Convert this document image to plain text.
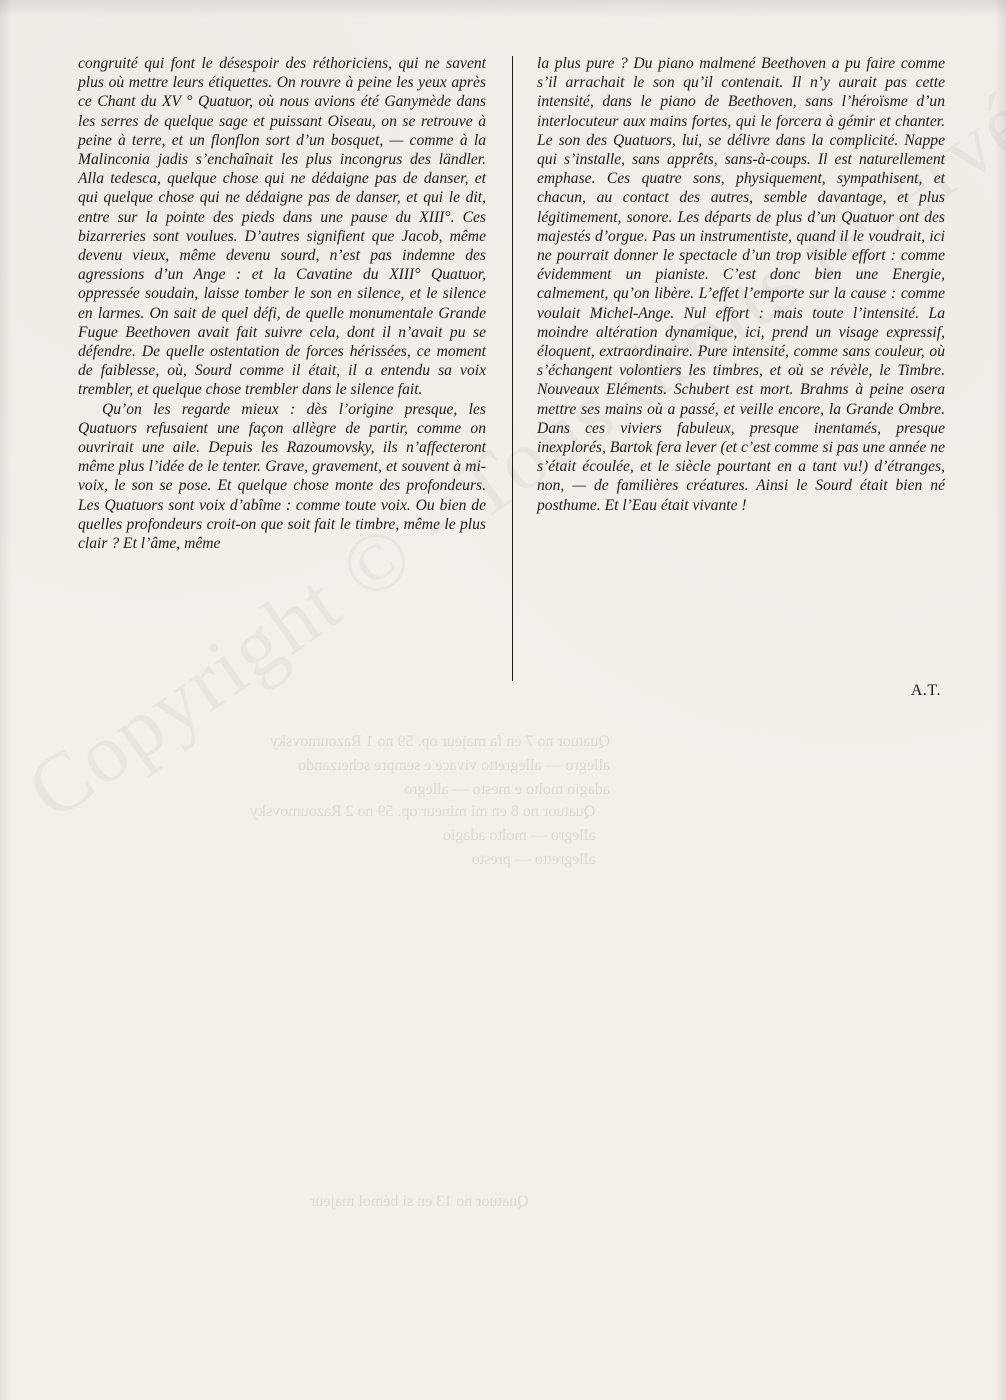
Quatuor no 7 en fa majeur op. 59 no 1 Razoumovsky
allegro — allegretto vivace e sempre scherzando
adagio molto e mesto — allegro
Quatuor no 8 en mi mineur op. 59 no 2 Razoumovsky
allegro — molto adagio
allegretto — presto
Quatuor no 13 en si bémol majeur

congruité qui font le désespoir des réthoriciens, qui ne savent plus où mettre leurs étiquettes. On rouvre à peine les yeux après ce Chant du XV ° Quatuor, où nous avions été Ganymède dans les serres de quelque sage et puissant Oiseau, on se retrouve à peine à terre, et un flonflon sort d’un bosquet, — comme à la Malinconia jadis s’enchaînait les plus incongrus des ländler. Alla tedesca, quelque chose qui ne dédaigne pas de danser, et qui quelque chose qui ne dédaigne pas de danser, et qui le dit, entre sur la pointe des pieds dans une pause du XIII°. Ces bizarreries sont voulues. D’autres signifient que Jacob, même devenu vieux, même devenu sourd, n’est pas indemne des agressions d’un Ange : et la Cavatine du XIII° Quatuor, oppressée soudain, laisse tomber le son en silence, et le silence en larmes. On sait de quel défi, de quelle monumentale Grande Fugue Beethoven avait fait suivre cela, dont il n’avait pu se défendre. De quelle ostentation de forces hérissées, ce moment de faiblesse, où, Sourd comme il était, il a entendu sa voix trembler, et quelque chose trembler dans le silence fait.

Qu’on les regarde mieux : dès l’origine presque, les Quatuors refusaient une façon allègre de partir, comme on ouvrirait une aile. Depuis les Razoumovsky, ils n’affecteront même plus l’idée de le tenter. Grave, gravement, et souvent à mi-voix, le son se pose. Et quelque chose monte des profondeurs. Les Quatuors sont voix d’abîme : comme toute voix. Ou bien de quelles profondeurs croit-on que soit fait le timbre, même le plus clair ? Et l’âme, même

la plus pure ? Du piano malmené Beethoven a pu faire comme s’il arrachait le son qu’il contenait. Il n’y aurait pas cette intensité, dans le piano de Beethoven, sans l’héroïsme d’un interlocuteur aux mains fortes, qui le forcera à gémir et chanter. Le son des Quatuors, lui, se délivre dans la complicité. Nappe qui s’installe, sans apprêts, sans-à-coups. Il est naturellement emphase. Ces quatre sons, physiquement, sympathisent, et chacun, au contact des autres, semble davantage, et plus légitimement, sonore. Les départs de plus d’un Quatuor ont des majestés d’orgue. Pas un instrumentiste, quand il le voudrait, ici ne pourrait donner le spectacle d’un trop visible effort : comme évidemment un pianiste. C’est donc bien une Energie, calmement, qu’on libère. L’effet l’emporte sur la cause : comme voulait Michel-Ange. Nul effort : mais toute l’intensité. La moindre altération dynamique, ici, prend un visage expressif, éloquent, extraordinaire. Pure intensité, comme sans couleur, où s’échangent volontiers les timbres, et où se révèle, le Timbre. Nouveaux Eléments. Schubert est mort. Brahms à peine osera mettre ses mains où a passé, et veille encore, la Grande Ombre. Dans ces viviers fabuleux, presque inentamés, presque inexplorés, Bartok fera lever (et c’est comme si pas une année ne s’était écoulée, et le siècle pourtant en a tant vu!) d’étranges, non, — de familières créatures. Ainsi le Sourd était bien né posthume. Et l’Eau était vivante !

A.T.
